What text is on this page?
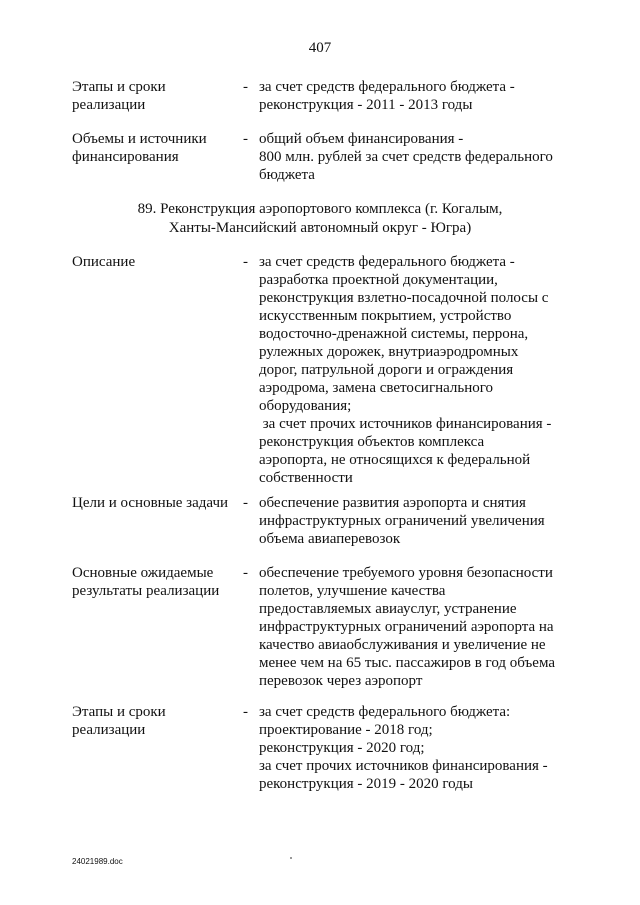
407
Этапы и сроки
реализации
- за счет средств федерального бюджета -
реконструкция - 2011 - 2013 годы
Объемы и источники
финансирования
- общий объем финансирования -
800 млн. рублей за счет средств федерального
бюджета
89. Реконструкция аэропортового комплекса (г. Когалым,
Ханты-Мансийский автономный округ - Югра)
Описание	- за счет средств федерального бюджета -
разработка проектной документации,
реконструкция взлетно-посадочной полосы с
искусственным покрытием, устройство
водосточно-дренажной системы, перрона,
рулежных дорожек, внутриаэродромных
дорог, патрульной дороги и ограждения
аэродрома, замена светосигнального
оборудования;
за счет прочих источников финансирования -
реконструкция объектов комплекса
аэропорта, не относящихся к федеральной
собственности
Цели и основные задачи - обеспечение развития аэропорта и снятия
инфраструктурных ограничений увеличения
объема авиаперевозок
Основные ожидаемые
результаты реализации
- обеспечение требуемого уровня безопасности
полетов, улучшение качества
предоставляемых авиауслуг, устранение
инфраструктурных ограничений аэропорта на
качество авиаобслуживания и увеличение не
менее чем на 65 тыс. пассажиров в год объема
перевозок через аэропорт
Этапы и сроки
реализации
- за счет средств федерального бюджета:
проектирование - 2018 год;
реконструкция - 2020 год;
за счет прочих источников финансирования -
реконструкция - 2019 - 2020 годы
24021989.doc
